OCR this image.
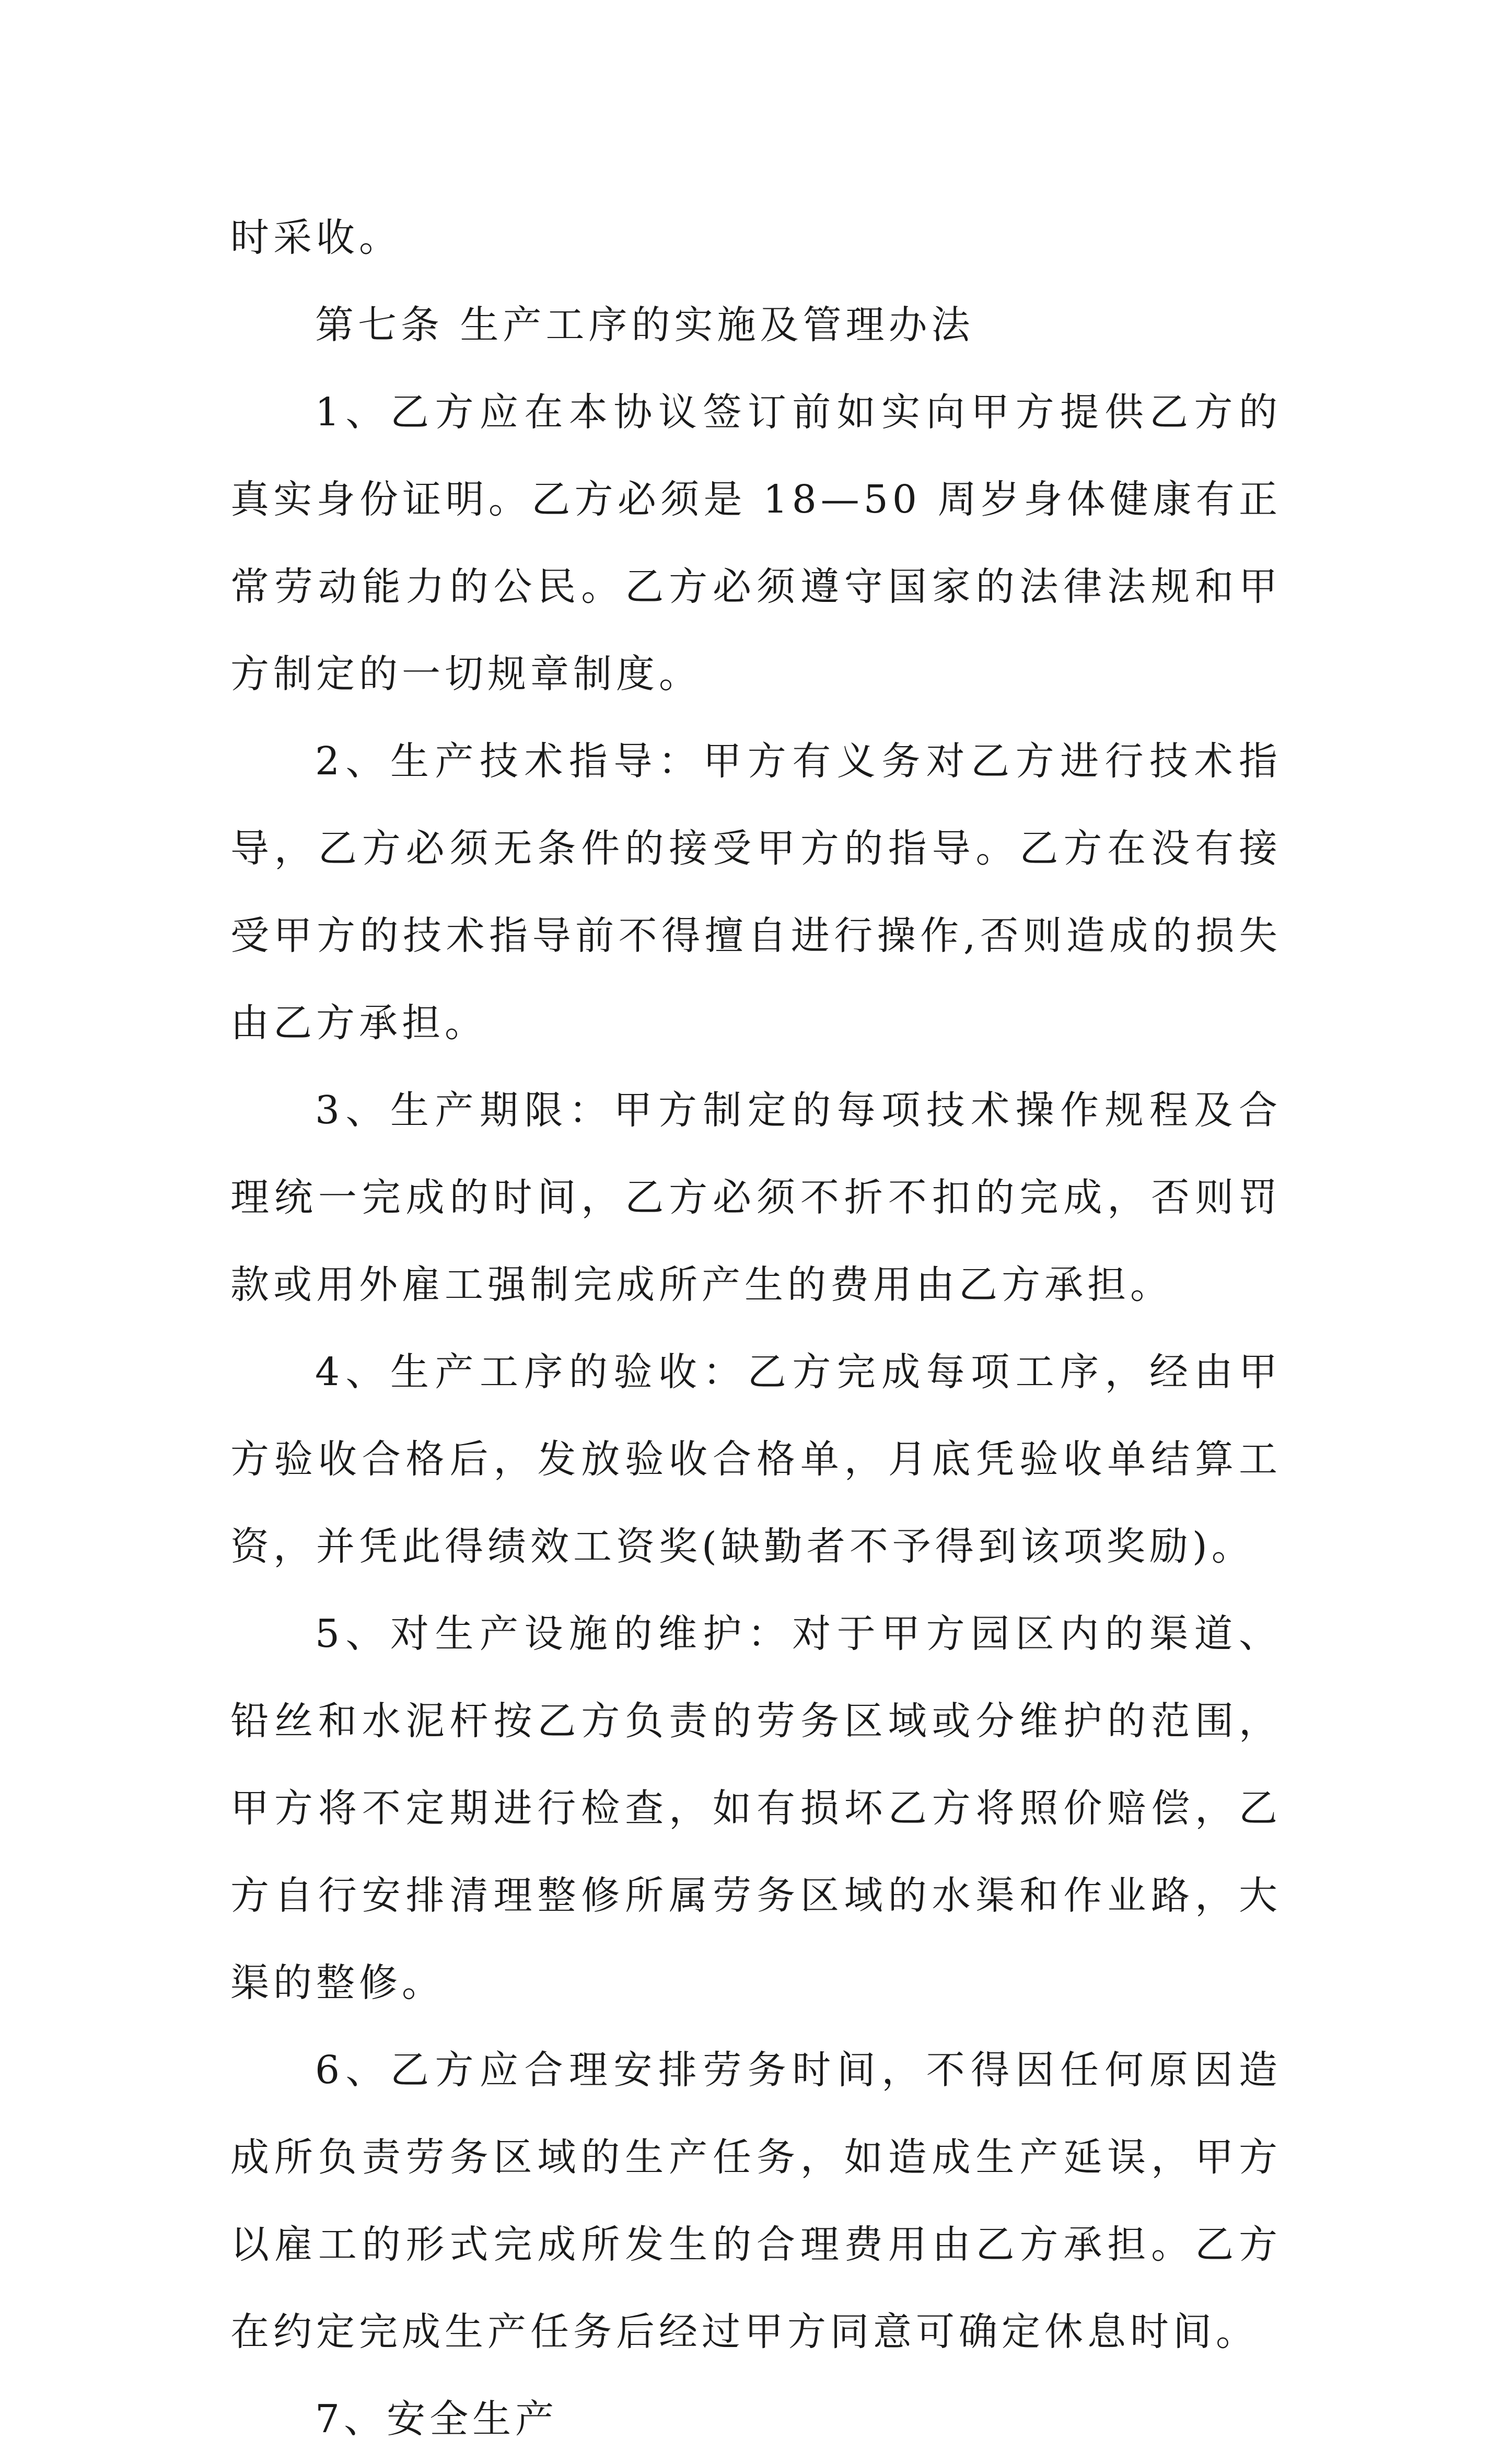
时采收。

第七条 生产工序的实施及管理办法

1、乙方应在本协议签订前如实向甲方提供乙方的真实身份证明。乙方必须是 18—50 周岁身体健康有正常劳动能力的公民。乙方必须遵守国家的法律法规和甲方制定的一切规章制度。

2、生产技术指导：甲方有义务对乙方进行技术指导，乙方必须无条件的接受甲方的指导。乙方在没有接受甲方的技术指导前不得擅自进行操作,否则造成的损失由乙方承担。

3、生产期限：甲方制定的每项技术操作规程及合理统一完成的时间，乙方必须不折不扣的完成，否则罚款或用外雇工强制完成所产生的费用由乙方承担。

4、生产工序的验收：乙方完成每项工序，经由甲方验收合格后，发放验收合格单，月底凭验收单结算工资，并凭此得绩效工资奖(缺勤者不予得到该项奖励)。

5、对生产设施的维护：对于甲方园区内的渠道、铅丝和水泥杆按乙方负责的劳务区域或分维护的范围，甲方将不定期进行检查，如有损坏乙方将照价赔偿，乙方自行安排清理整修所属劳务区域的水渠和作业路，大渠的整修。

6、乙方应合理安排劳务时间，不得因任何原因造成所负责劳务区域的生产任务，如造成生产延误，甲方以雇工的形式完成所发生的合理费用由乙方承担。乙方在约定完成生产任务后经过甲方同意可确定休息时间。

7、安全生产
